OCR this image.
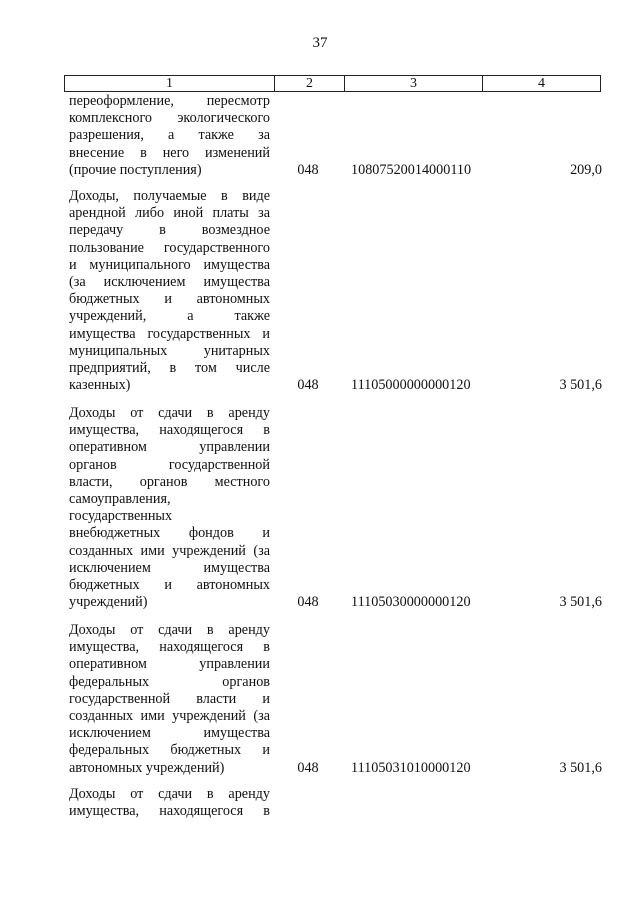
37
1	2	3	4
переоформление, пересмотр
комплексного экологического
разрешения, а также за
внесение в него изменений
(прочие поступления)	048	10807520014000110	209,0
Доходы, получаемые в виде
арендной либо иной платы за
передачу в возмездное
пользование государственного
и муниципального имущества
(за исключением имущества
бюджетных и автономных
учреждений, а также
имущества государственных и
муниципальных унитарных
предприятий, в том числе
казенных)	048	11105000000000120	3 501,6
Доходы от сдачи в аренду
имущества, находящегося в
оперативном управлении
органов государственной
власти, органов местного
самоуправления,
государственных
внебюджетных фондов и
созданных ими учреждений (за
исключением имущества
бюджетных и автономных
учреждений)	048	11105030000000120	3 501,6
Доходы от сдачи в аренду
имущества, находящегося в
оперативном управлении
федеральных органов
государственной власти и
созданных ими учреждений (за
исключением имущества
федеральных бюджетных и
автономных учреждений)	048	11105031010000120	3 501,6
Доходы от сдачи в аренду
имущества, находящегося в
